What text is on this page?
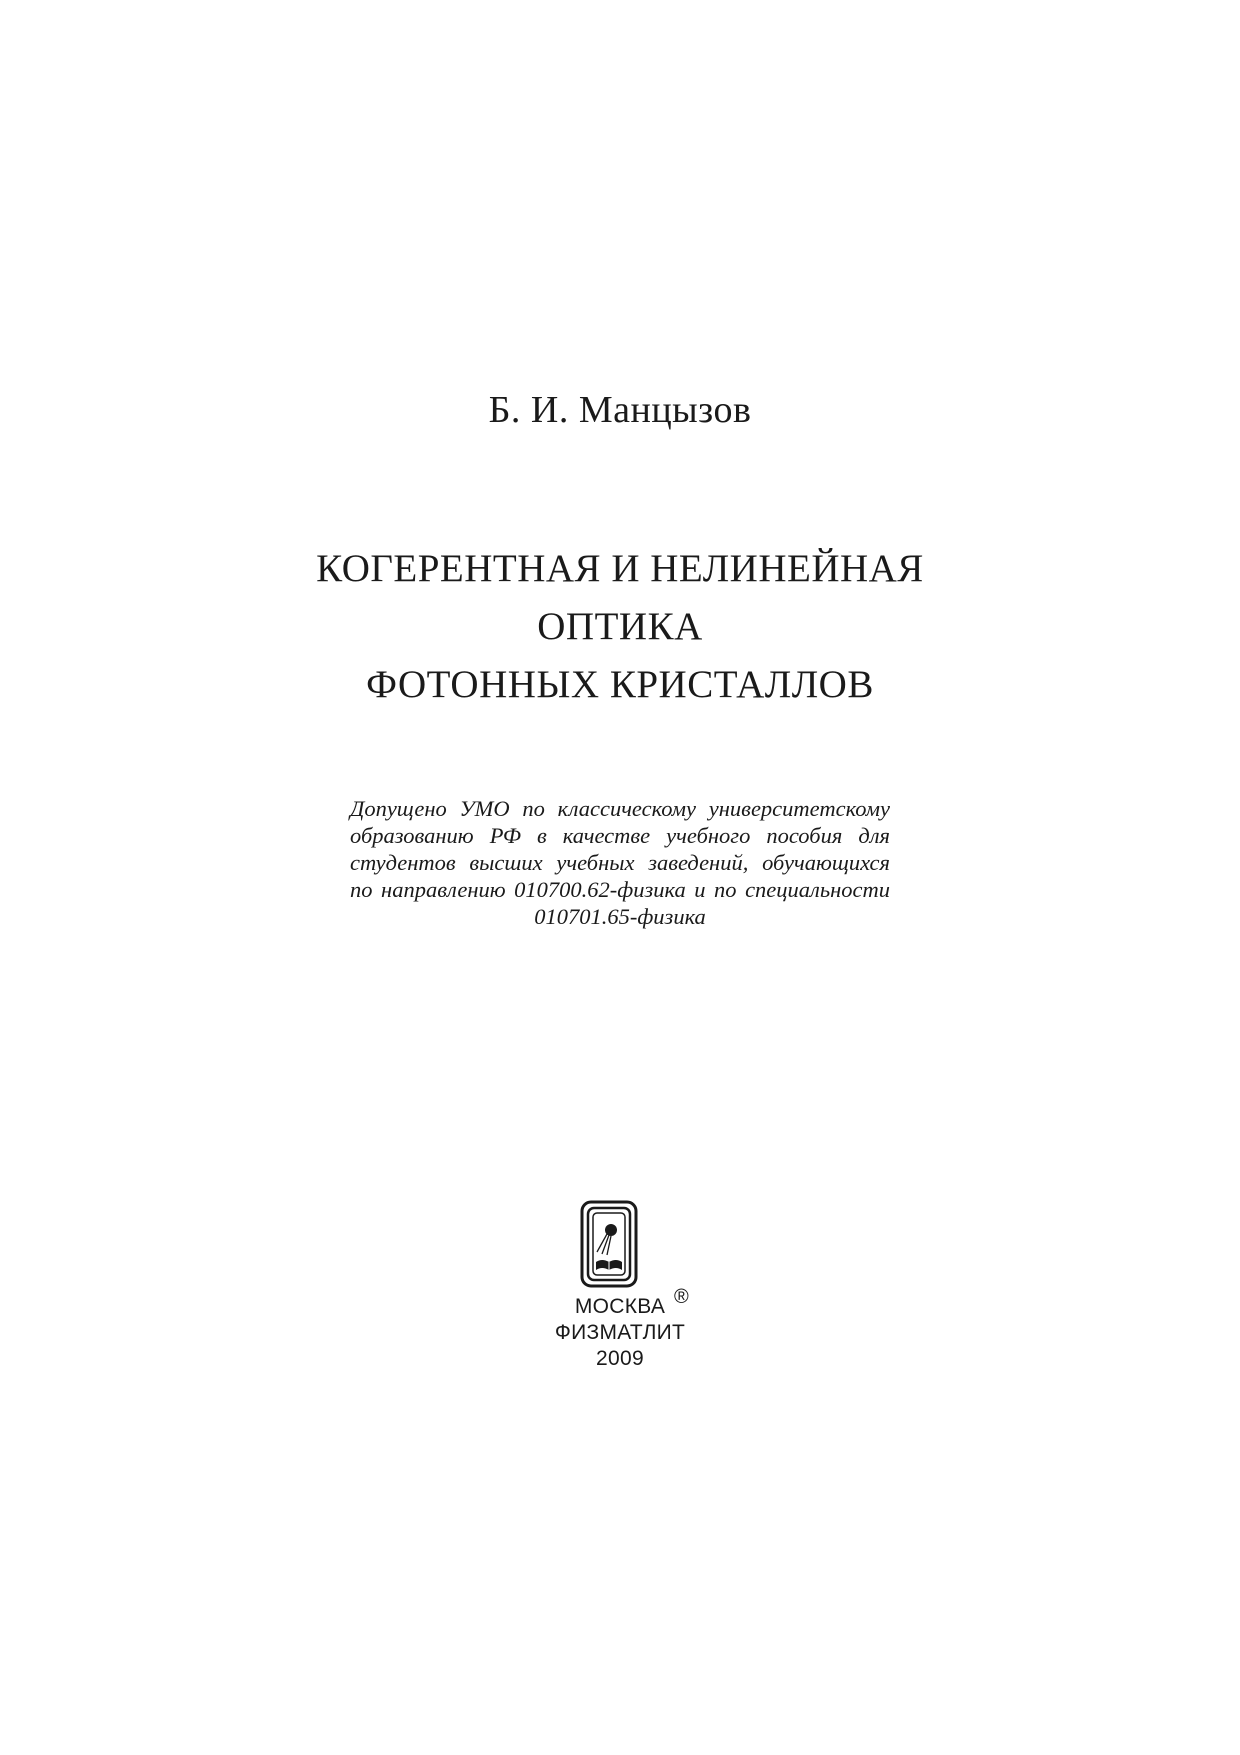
Б. И. Манцызов
КОГЕРЕНТНАЯ И НЕЛИНЕЙНАЯ
ОПТИКА
ФОТОННЫХ КРИСТАЛЛОВ
Допущено УМО по классическому университетскому
образованию РФ в качестве учебного пособия для
студентов высших учебных заведений, обучающихся
по направлению 010700.62-физика и по специальности
010701.65-физика
МОСКВА
ФИЗМАТЛИТ
2009
®
